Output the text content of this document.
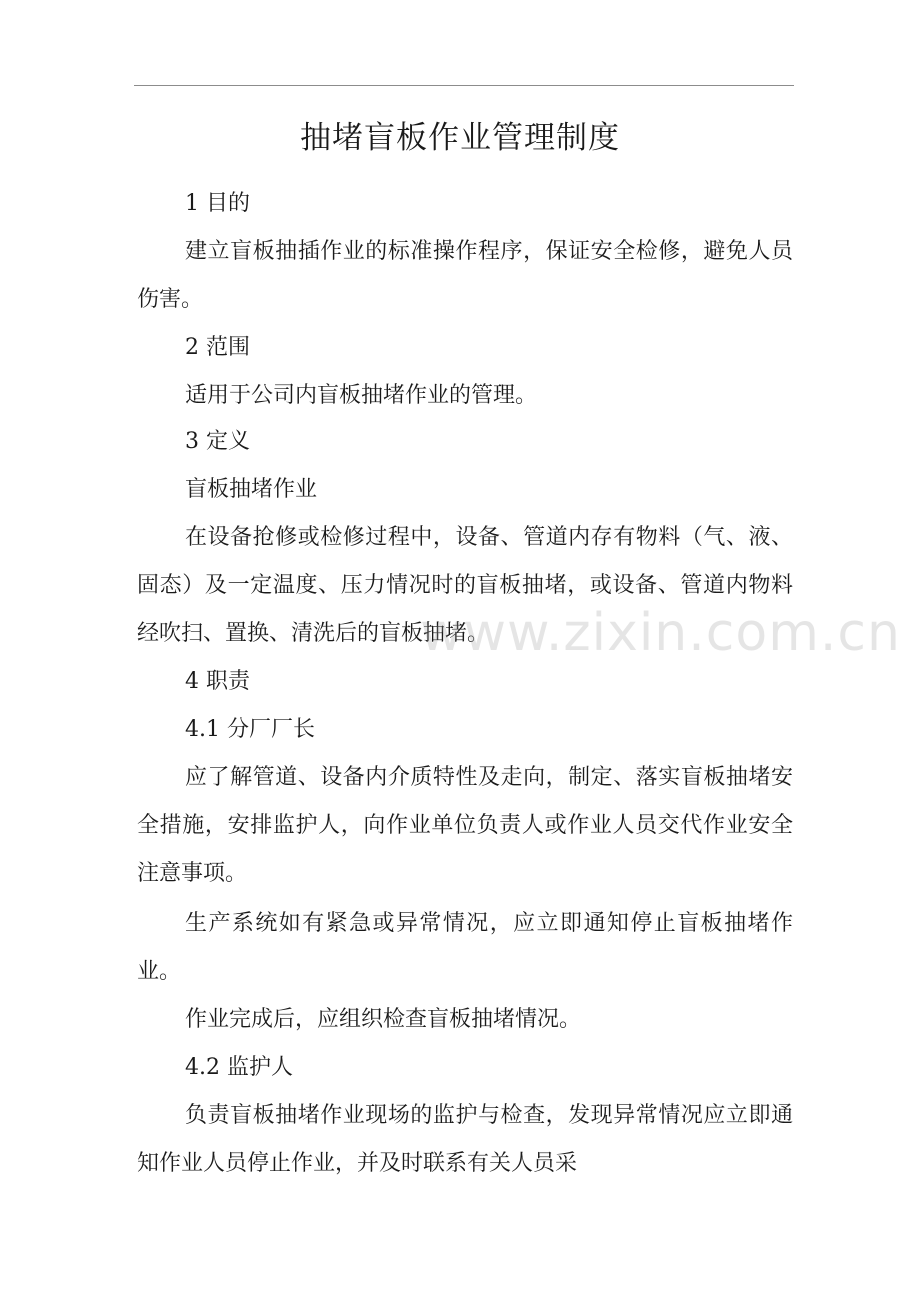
抽堵盲板作业管理制度

1 目的

建立盲板抽插作业的标准操作程序，保证安全检修，避免人员伤害。

2 范围

适用于公司内盲板抽堵作业的管理。

3 定义

盲板抽堵作业

在设备抢修或检修过程中，设备、管道内存有物料（气、液、固态）及一定温度、压力情况时的盲板抽堵，或设备、管道内物料经吹扫、置换、清洗后的盲板抽堵。

4 职责

4.1 分厂厂长

应了解管道、设备内介质特性及走向，制定、落实盲板抽堵安全措施，安排监护人，向作业单位负责人或作业人员交代作业安全注意事项。

生产系统如有紧急或异常情况，应立即通知停止盲板抽堵作业。

作业完成后，应组织检查盲板抽堵情况。

4.2 监护人

负责盲板抽堵作业现场的监护与检查，发现异常情况应立即通知作业人员停止作业，并及时联系有关人员采

www.zixin.com.cn
